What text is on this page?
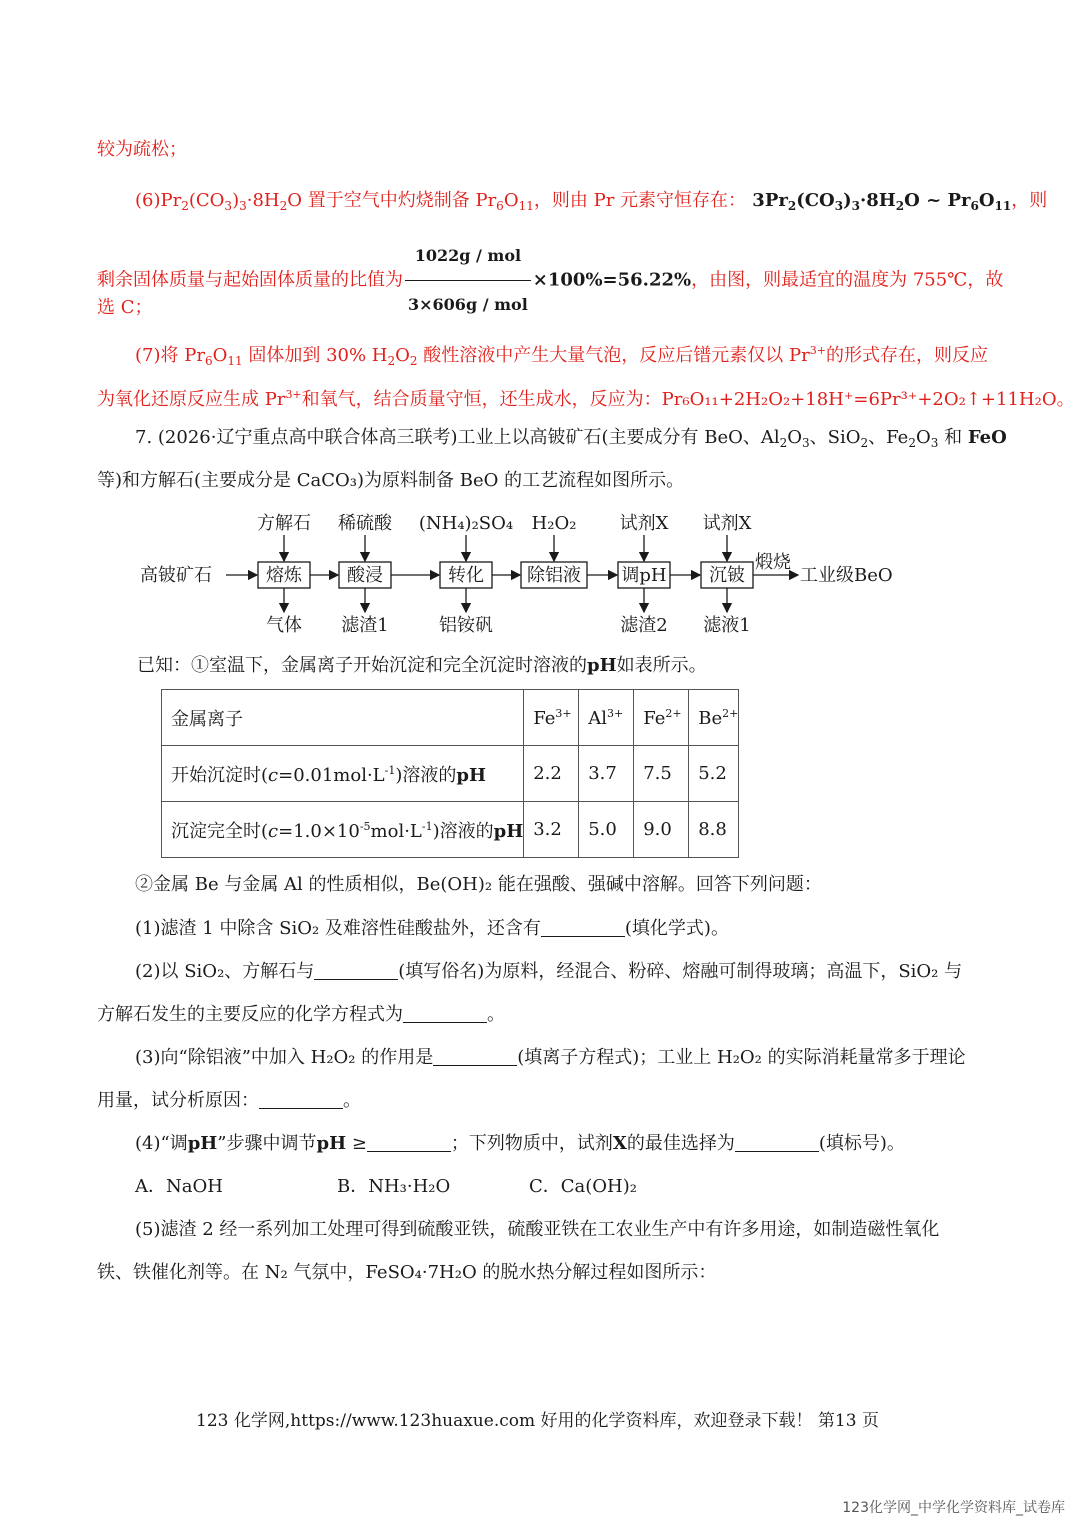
较为疏松；
$(6)Pr_2(CO_3)_3\cdot 8H_2O$ 置于空气中灼烧制备 $Pr_6O_{11}$，则由 Pr 元素守恒存在： $3Pr_2(CO_3)_3\cdot 8H_2O$ ~ $Pr_6O_{11}$，则
剩余固体质量与起始固体质量的比值为 $\frac{\text{1022g / mol}}{\text{3×606g / mol}} \times 100\%=56.22\%$，由图，则最适宜的温度为 755℃，故
选 C；
(7)将 $Pr_6O_{11}$ 固体加到 30% $H_2O_2$ 酸性溶液中产生大量气泡，反应后镨元素仅以 $Pr^{3+}$的形式存在，则反应
为氧化还原反应生成 $Pr^{3+}$和氧气，结合质量守恒，还生成水，反应为：Pr₆O₁₁+2H₂O₂+18H⁺=6Pr³⁺+2O₂↑+11H₂O。
7. (2026·辽宁重点高中联合体高三联考)工业上以高铍矿石(主要成分有 BeO、$Al_2O_3$、SiO$_2$、$Fe_2O_3$ 和 FeO
等)和方解石(主要成分是 CaCO₃)为原料制备 BeO 的工艺流程如图所示。
高铍矿石	熔炼
方解石
气体
酸浸
稀硫酸
滤渣1
转化
(NH₄)₂SO₄
铝铵矾
除铝液
H₂O₂
调pH
试剂X
滤渣2
沉铍
试剂X
滤液1
煅烧
工业级BeO
已知：①室温下，金属离子开始沉淀和完全沉淀时溶液的pH如表所示。
金属离子	$Fe^{3+}$	$Al^{3+}$	$Fe^{2+}$	$Be^{2+}$
开始沉淀时$(c=0.01mol\cdot L^{-1})$溶液的pH	2.2	3.7	7.5	5.2
沉淀完全时$(c=1.0\times 10^{-5}mol\cdot L^{-1})$溶液的pH	3.2	5.0	9.0	8.8
②金属 Be 与金属 Al 的性质相似，Be(OH)₂ 能在强酸、强碱中溶解。回答下列问题：
(1)滤渣 1 中除含 SiO₂ 及难溶性硅酸盐外，还含有	(填化学式)。
(2)以 SiO₂、方解石与	(填写俗名)为原料，经混合、粉碎、熔融可制得玻璃；高温下，SiO₂ 与
方解石发生的主要反应的化学方程式为	。
(3)向“除铝液”中加入 H₂O₂ 的作用是	(填离子方程式)；工业上 H₂O₂ 的实际消耗量常多于理论
用量，试分析原因：	。
(4)“调pH”步骤中调节pH ≥	；下列物质中，试剂X的最佳选择为	(填标号)。
A．NaOH	B．NH₃·H₂O	C．Ca(OH)₂
(5)滤渣 2 经一系列加工处理可得到硫酸亚铁，硫酸亚铁在工农业生产中有许多用途，如制造磁性氧化
铁、铁催化剂等。在 N₂ 气氛中，FeSO₄·7H₂O 的脱水热分解过程如图所示：
123 化学网,https://www.123huaxue.com 好用的化学资料库，欢迎登录下载！ 第13 页
123化学网_中学化学资料库_试卷库
